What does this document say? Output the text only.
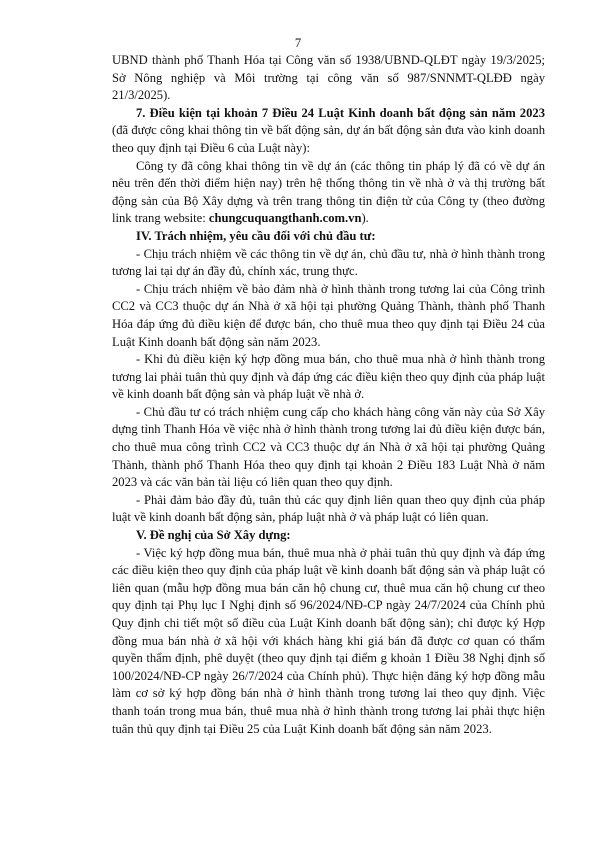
7

UBND thành phố Thanh Hóa tại Công văn số 1938/UBND-QLĐT ngày 19/3/2025; Sở Nông nghiệp và Môi trường tại công văn số 987/SNNMT-QLĐĐ ngày 21/3/2025).

7. Điều kiện tại khoản 7 Điều 24 Luật Kinh doanh bất động sản năm 2023 (đã được công khai thông tin về bất động sản, dự án bất động sản đưa vào kinh doanh theo quy định tại Điều 6 của Luật này):

Công ty đã công khai thông tin về dự án (các thông tin pháp lý đã có về dự án nêu trên đến thời điểm hiện nay) trên hệ thống thông tin về nhà ở và thị trường bất động sản của Bộ Xây dựng và trên trang thông tin điện tử của Công ty (theo đường link trang website: chungcuquangthanh.com.vn).

IV. Trách nhiệm, yêu cầu đối với chủ đầu tư:

- Chịu trách nhiệm về các thông tin về dự án, chủ đầu tư, nhà ở hình thành trong tương lai tại dự án đầy đủ, chính xác, trung thực.

- Chịu trách nhiệm về bảo đảm nhà ở hình thành trong tương lai của Công trình CC2 và CC3 thuộc dự án Nhà ở xã hội tại phường Quảng Thành, thành phố Thanh Hóa đáp ứng đủ điều kiện để được bán, cho thuê mua theo quy định tại Điều 24 của Luật Kinh doanh bất động sản năm 2023.

- Khi đủ điều kiện ký hợp đồng mua bán, cho thuê mua nhà ở hình thành trong tương lai phải tuân thủ quy định và đáp ứng các điều kiện theo quy định của pháp luật về kinh doanh bất động sản và pháp luật về nhà ở.

- Chủ đầu tư có trách nhiệm cung cấp cho khách hàng công văn này của Sở Xây dựng tỉnh Thanh Hóa về việc nhà ở hình thành trong tương lai đủ điều kiện được bán, cho thuê mua công trình CC2 và CC3 thuộc dự án Nhà ở xã hội tại phường Quảng Thành, thành phố Thanh Hóa theo quy định tại khoản 2 Điều 183 Luật Nhà ở năm 2023 và các văn bản tài liệu có liên quan theo quy định.

- Phải đảm bảo đầy đủ, tuân thủ các quy định liên quan theo quy định của pháp luật về kinh doanh bất động sản, pháp luật nhà ở và pháp luật có liên quan.

V. Đề nghị của Sở Xây dựng:

- Việc ký hợp đồng mua bán, thuê mua nhà ở phải tuân thủ quy định và đáp ứng các điều kiện theo quy định của pháp luật về kinh doanh bất động sản và pháp luật có liên quan (mẫu hợp đồng mua bán căn hộ chung cư, thuê mua căn hộ chung cư theo quy định tại Phụ lục I Nghị định số 96/2024/NĐ-CP ngày 24/7/2024 của Chính phủ Quy định chi tiết một số điều của Luật Kinh doanh bất động sản); chỉ được ký Hợp đồng mua bán nhà ở xã hội với khách hàng khi giá bán đã được cơ quan có thẩm quyền thẩm định, phê duyệt (theo quy định tại điểm g khoản 1 Điều 38 Nghị định số 100/2024/NĐ-CP ngày 26/7/2024 của Chính phủ). Thực hiện đăng ký hợp đồng mẫu làm cơ sở ký hợp đồng bán nhà ở hình thành trong tương lai theo quy định. Việc thanh toán trong mua bán, thuê mua nhà ở hình thành trong tương lai phải thực hiện tuân thủ quy định tại Điều 25 của Luật Kinh doanh bất động sản năm 2023.
